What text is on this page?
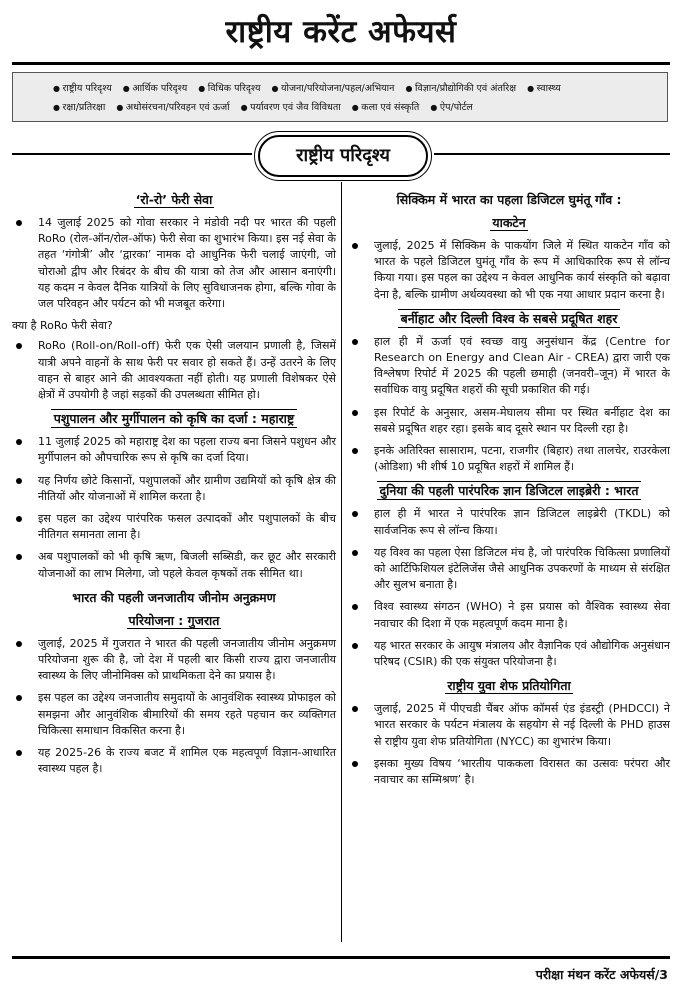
राष्ट्रीय करेंट अफेयर्स
● राष्ट्रीय परिदृश्य ● आर्थिक परिदृश्य ● विधिक परिदृश्य ● योजना/परियोजना/पहल/अभियान ● विज्ञान/प्रौद्योगिकी एवं अंतरिक्ष ● स्वास्थ्य
● रक्षा/प्रतिरक्षा ● अधोसंरचना/परिवहन एवं ऊर्जा ● पर्यावरण एवं जैव विविधता ● कला एवं संस्कृति ● ऐप/पोर्टल
राष्ट्रीय परिदृश्य
‘रो-रो’ फेरी सेवा
14 जुलाई 2025 को गोवा सरकार ने मंडोवी नदी पर भारत की पहली RoRo (रोल-ऑन/रोल-ऑफ) फेरी सेवा का शुभारंभ किया। इस नई सेवा के तहत ‘गंगोत्री’ और ‘द्वारका’ नामक दो आधुनिक फेरी चलाई जाएंगी, जो चोराओ द्वीप और रिबंदर के बीच की यात्रा को तेज और आसान बनाएंगी। यह कदम न केवल दैनिक यात्रियों के लिए सुविधाजनक होगा, बल्कि गोवा के जल परिवहन और पर्यटन को भी मजबूत करेगा।
क्या है RoRo फेरी सेवा?
RoRo (Roll-on/Roll-off) फेरी एक ऐसी जलयान प्रणाली है, जिसमें यात्री अपने वाहनों के साथ फेरी पर सवार हो सकते हैं। उन्हें उतरने के लिए वाहन से बाहर आने की आवश्यकता नहीं होती। यह प्रणाली विशेषकर ऐसे क्षेत्रों में उपयोगी है जहां सड़कों की उपलब्धता सीमित हो।
पशुपालन और मुर्गीपालन को कृषि का दर्जा : महाराष्ट्र
11 जुलाई 2025 को महाराष्ट्र देश का पहला राज्य बना जिसने पशुधन और मुर्गीपालन को औपचारिक रूप से कृषि का दर्जा दिया।
यह निर्णय छोटे किसानों, पशुपालकों और ग्रामीण उद्यमियों को कृषि क्षेत्र की नीतियों और योजनाओं में शामिल करता है।
इस पहल का उद्देश्य पारंपरिक फसल उत्पादकों और पशुपालकों के बीच नीतिगत समानता लाना है।
अब पशुपालकों को भी कृषि ऋण, बिजली सब्सिडी, कर छूट और सरकारी योजनाओं का लाभ मिलेगा, जो पहले केवल कृषकों तक सीमित था।
भारत की पहली जनजातीय जीनोम अनुक्रमण
परियोजना : गुजरात
जुलाई, 2025 में गुजरात ने भारत की पहली जनजातीय जीनोम अनुक्रमण परियोजना शुरू की है, जो देश में पहली बार किसी राज्य द्वारा जनजातीय स्वास्थ्य के लिए जीनोमिक्स को प्राथमिकता देने का प्रयास है।
इस पहल का उद्देश्य जनजातीय समुदायों के आनुवंशिक स्वास्थ्य प्रोफाइल को समझना और आनुवंशिक बीमारियों की समय रहते पहचान कर व्यक्तिगत चिकित्सा समाधान विकसित करना है।
यह 2025-26 के राज्य बजट में शामिल एक महत्वपूर्ण विज्ञान-आधारित स्वास्थ्य पहल है।
सिक्किम में भारत का पहला डिजिटल घुमंतू गाँव :
याकटेन
जुलाई, 2025 में सिक्किम के पाकयोंग जिले में स्थित याकटेन गाँव को भारत के पहले डिजिटल घुमंतू गाँव के रूप में आधिकारिक रूप से लॉन्च किया गया। इस पहल का उद्देश्य न केवल आधुनिक कार्य संस्कृति को बढ़ावा देना है, बल्कि ग्रामीण अर्थव्यवस्था को भी एक नया आधार प्रदान करना है।
बर्नीहाट और दिल्ली विश्व के सबसे प्रदूषित शहर
हाल ही में ऊर्जा एवं स्वच्छ वायु अनुसंधान केंद्र (Centre for Research on Energy and Clean Air - CREA) द्वारा जारी एक विश्लेषण रिपोर्ट में 2025 की पहली छमाही (जनवरी–जून) में भारत के सर्वाधिक वायु प्रदूषित शहरों की सूची प्रकाशित की गई।
इस रिपोर्ट के अनुसार, असम-मेघालय सीमा पर स्थित बर्नीहाट देश का सबसे प्रदूषित शहर रहा। इसके बाद दूसरे स्थान पर दिल्ली रहा है।
इनके अतिरिक्त सासाराम, पटना, राजगीर (बिहार) तथा तालचेर, राउरकेला (ओडिशा) भी शीर्ष 10 प्रदूषित शहरों में शामिल हैं।
दुनिया की पहली पारंपरिक ज्ञान डिजिटल लाइब्रेरी : भारत
हाल ही में भारत ने पारंपरिक ज्ञान डिजिटल लाइब्रेरी (TKDL) को सार्वजनिक रूप से लॉन्च किया।
यह विश्व का पहला ऐसा डिजिटल मंच है, जो पारंपरिक चिकित्सा प्रणालियों को आर्टिफिशियल इंटेलिजेंस जैसे आधुनिक उपकरणों के माध्यम से संरक्षित और सुलभ बनाता है।
विश्व स्वास्थ्य संगठन (WHO) ने इस प्रयास को वैश्विक स्वास्थ्य सेवा नवाचार की दिशा में एक महत्वपूर्ण कदम माना है।
यह भारत सरकार के आयुष मंत्रालय और वैज्ञानिक एवं औद्योगिक अनुसंधान परिषद (CSIR) की एक संयुक्त परियोजना है।
राष्ट्रीय युवा शेफ प्रतियोगिता
जुलाई, 2025 में पीएचडी चैंबर ऑफ कॉमर्स एंड इंडस्ट्री (PHDCCI) ने भारत सरकार के पर्यटन मंत्रालय के सहयोग से नई दिल्ली के PHD हाउस से राष्ट्रीय युवा शेफ प्रतियोगिता (NYCC) का शुभारंभ किया।
इसका मुख्य विषय ‘भारतीय पाककला विरासत का उत्सवः परंपरा और नवाचार का सम्मिश्रण’ है।
परीक्षा मंथन करेंट अफेयर्स/3
